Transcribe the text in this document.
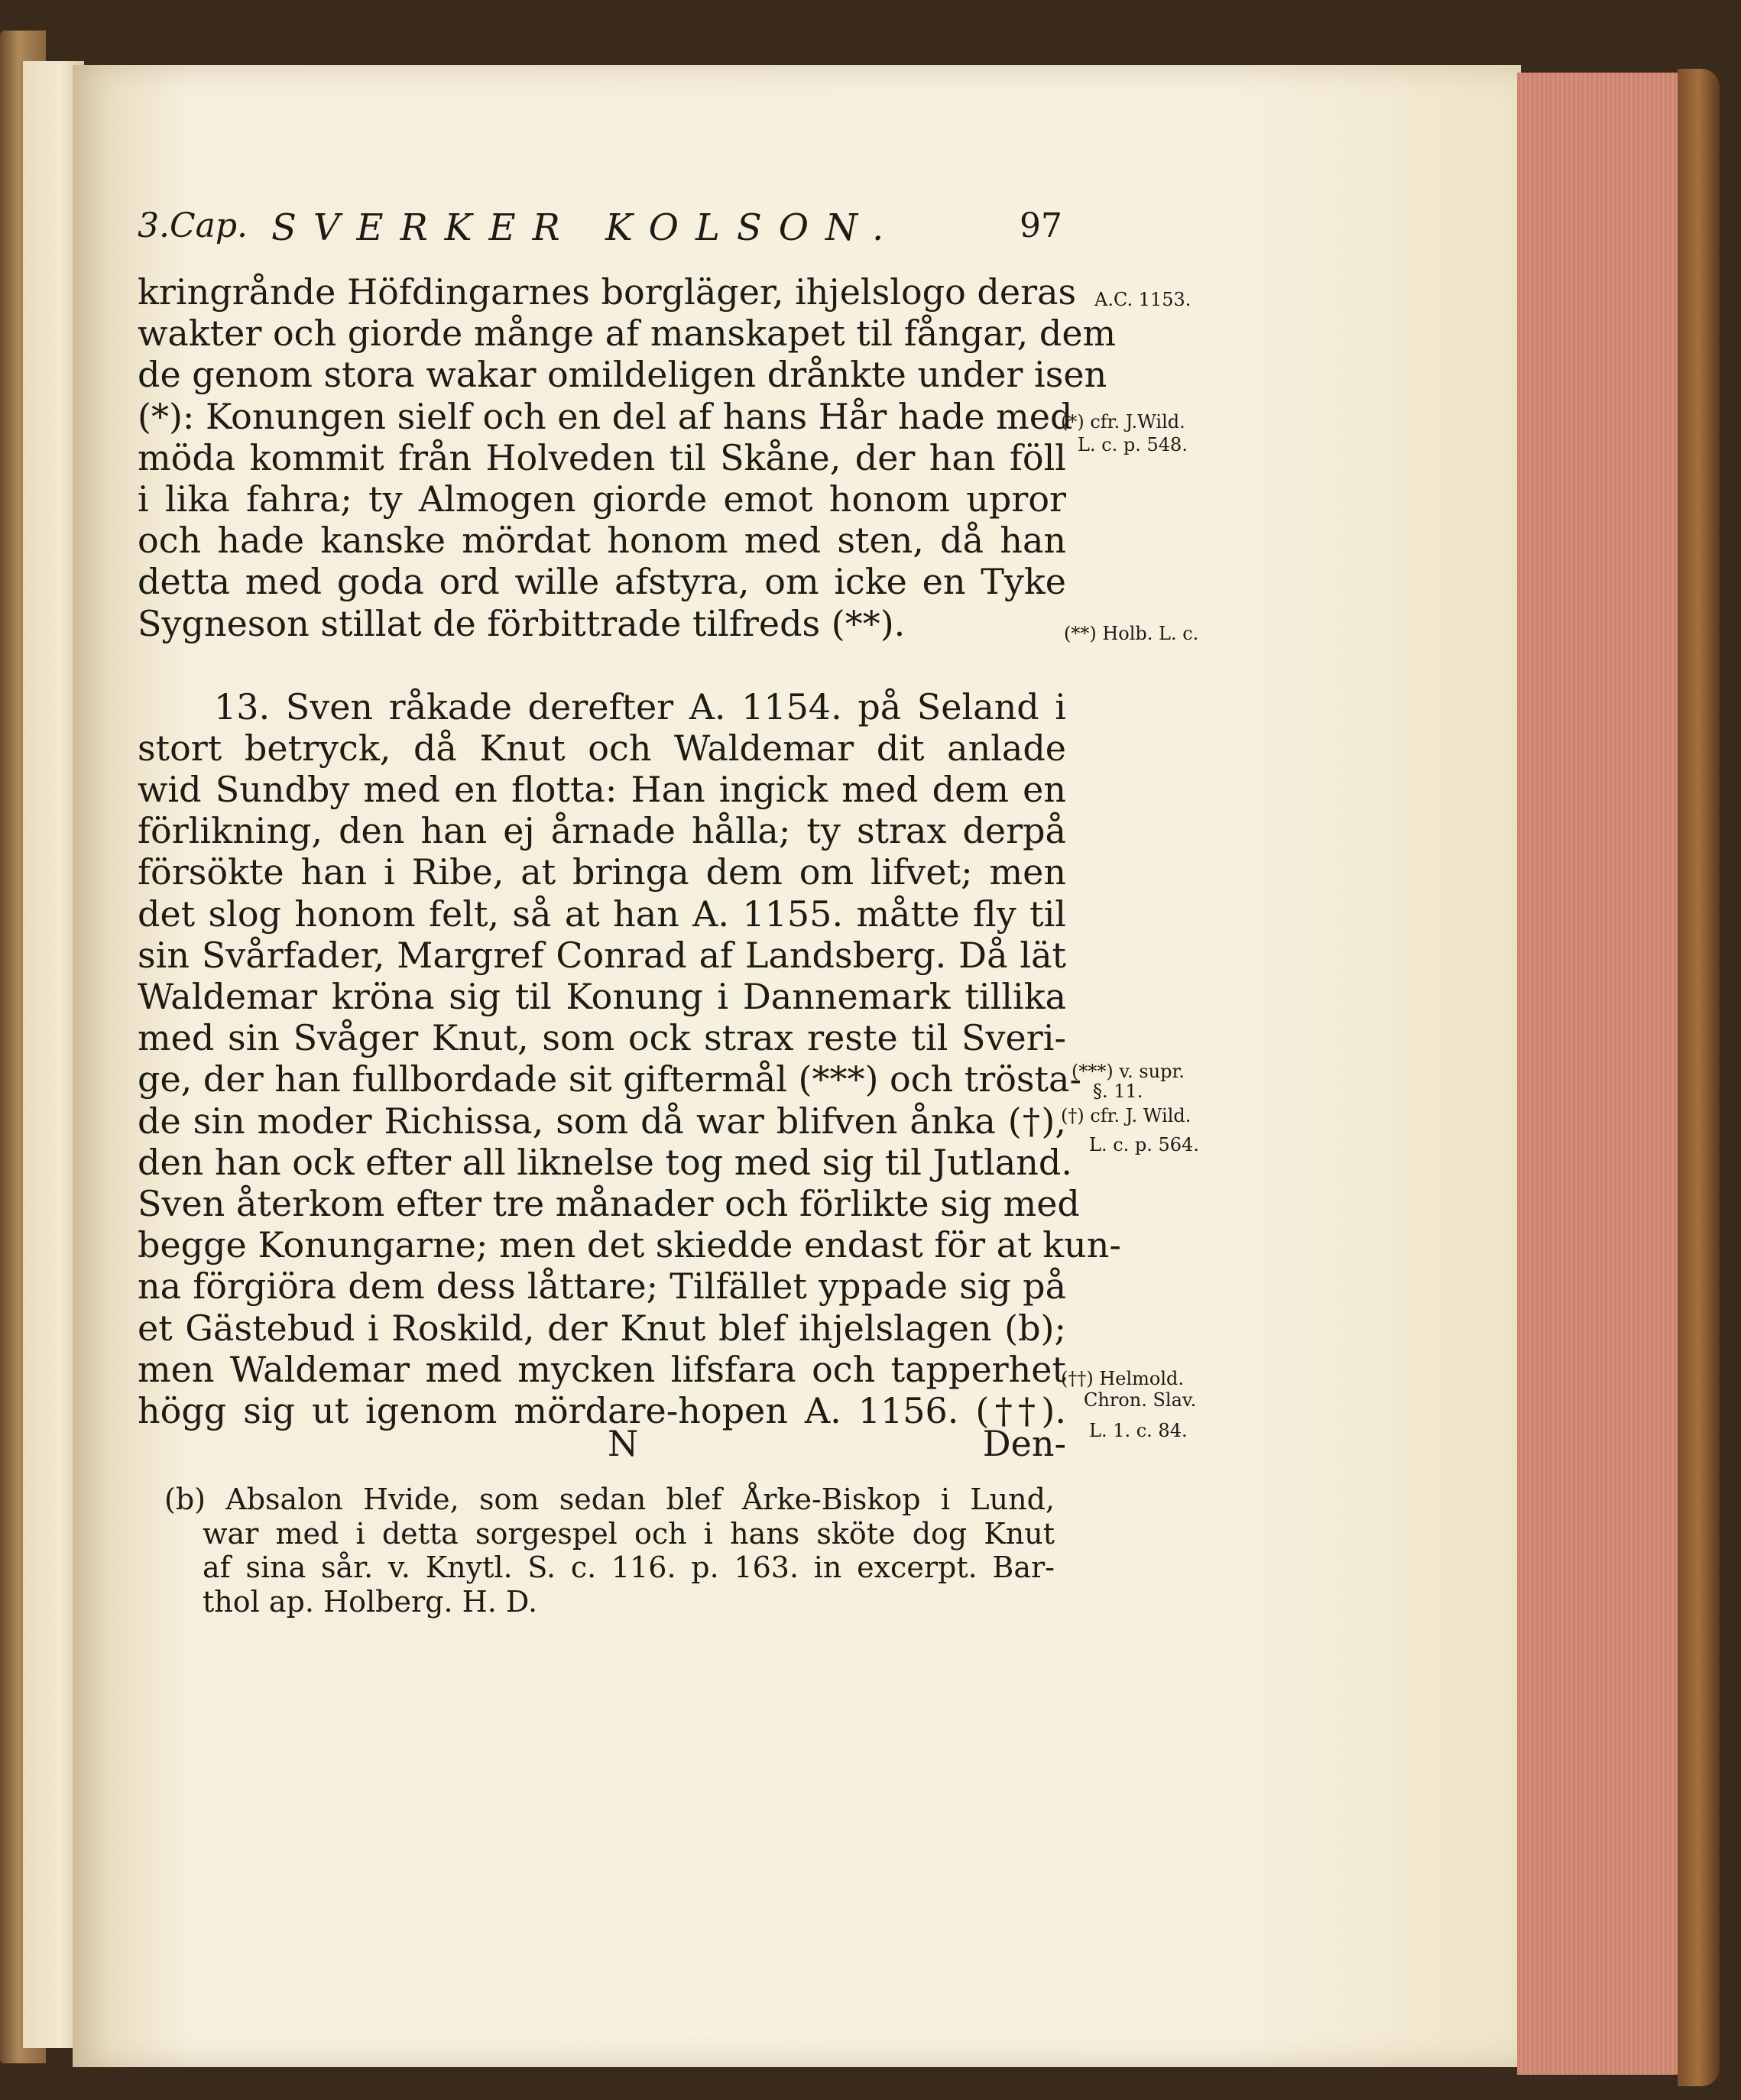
3.Cap. SVERKER KOLSON.	97
kringrånde Höfdingarnes borgläger, ihjelslogo deras
wakter och giorde månge af manskapet til fångar, dem
de genom stora wakar omildeligen drånkte under isen
(*): Konungen sielf och en del af hans Hår hade med
möda kommit från Holveden til Skåne, der han föll
i lika fahra; ty Almogen giorde emot honom upror
och hade kanske mördat honom med sten, då han
detta med goda ord wille afstyra, om icke en Tyke
Sygneson stillat de förbittrade tilfreds (**).
13. Sven råkade derefter A. 1154. på Seland i
stort betryck, då Knut och Waldemar dit anlade
wid Sundby med en flotta: Han ingick med dem en
förlikning, den han ej årnade hålla; ty strax derpå
försökte han i Ribe, at bringa dem om lifvet; men
det slog honom felt, så at han A. 1155. måtte fly til
sin Svårfader, Margref Conrad af Landsberg. Då lät
Waldemar kröna sig til Konung i Dannemark tillika
med sin Svåger Knut, som ock strax reste til Sveri-
ge, der han fullbordade sit giftermål (***) och trösta-
de sin moder Richissa, som då war blifven ånka (†),
den han ock efter all liknelse tog med sig til Jutland.
Sven återkom efter tre månader och förlikte sig med
begge Konungarne; men det skiedde endast för at kun-
na förgiöra dem dess låttare; Tilfället yppade sig på
et Gästebud i Roskild, der Knut blef ihjelslagen (b);
men Waldemar med mycken lifsfara och tapperhet
högg sig ut igenom mördare-hopen A. 1156. (††).
N	Den-
(b) Absalon Hvide, som sedan blef Årke-Biskop i Lund,
war med i detta sorgespel och i hans sköte dog Knut
af sina sår. v. Knytl. S. c. 116. p. 163. in excerpt. Bar-
thol ap. Holberg. H. D.
A.C. 1153.
(*) cfr. J.Wild.
L. c. p. 548.
(**) Holb. L. c.
(***) v. supr.
§. 11.
(†) cfr. J. Wild.
L. c. p. 564.
(††) Helmold.
Chron. Slav.
L. 1. c. 84.
